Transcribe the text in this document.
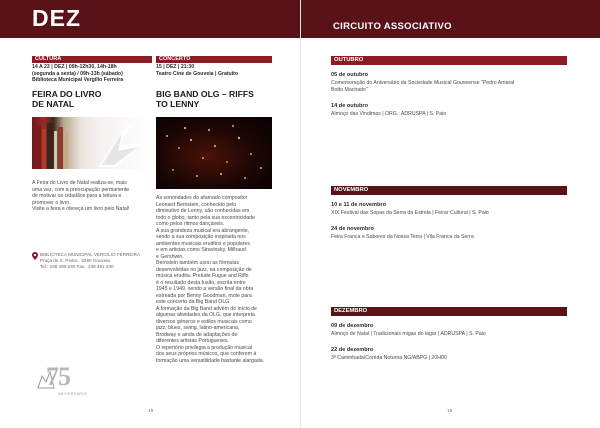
DEZ
CULTURA
14 A 23 | DEZ | 09h-12h30, 14h-18h
(segunda a sexta) / 09h-13h (sábado)
Biblioteca Municipal Vergílio Ferreira
FEIRA DO LIVRO
DE NATAL
A Feira do Livro de Natal realiza-se, mais
uma vez, com a preocupação permanente
de motivar os cidadãos para a leitura e
promover o livro.
Visite a feira e ofereça um livro pelo Natal!
BIBLIOTECA MUNICIPAL VERGÍLIO FERREIRA
Praça de S. Pedro . 6290 Gouveia
Tel.: 238 490 230 Fax.: 238 491 230
CONCERTO
15 | DEZ | 21:30
Teatro Cine de Gouveia | Gratuito
BIG BAND OLG – RIFFS
TO LENNY
As sonoridades do afamado compositor
Leonard Bernstein, conhecido pelo
diminutivo de Lenny, são conhecidas em
todo o globo, tanto pela sua excentricidade
como pelos ritmos dançáveis.
A sua grandeza musical era abrangente,
sendo a sua composição inspirada nos
ambientes musicais eruditos e populares
e em artistas como Stravinsky, Milhaud
e Gershwin.
Bernstein também usou as fórmulas
desenvolvidas no jazz, na composição de
música erudita. Prelude Fugue and Riffs
é o resultado desta fusão, escrita entre
1945 e 1949, sendo a versão final da obra
estreada por Benny Goodman, mote para
este concerto da Big Band OLG.
A formação da Big Band advém do início de
algumas atividades da OLG, que interpreta
diversos géneros e estilos musicais como
jazz, blues, swing, latino-americana,
Brodway e ainda de adaptações de
diferentes artistas Portugueses.
O repertório privilegia a produção musical
dos seus próprios músicos, que conferem à
formação uma versatilidade bastante alargada.
75
ANIVERSÁRIO
18
CIRCUITO ASSOCIATIVO
19
OUTUBRO
05 de outubro
Comemoração do Aniversário da Sociedade Musical Gouveense "Pedro Amaral
Botto Machado"
14 de outubro
Almoço das Vindimas | ORG.: ADRUSPA | S. Paio
NOVEMBRO
10 e 11 de novembro
XIX Festival das Sopas da Serra da Estrela | Feirar Cultural | S. Paio
24 de novembro
Feira Franca e Sabores da Nossa Terra | Vila Franca da Serra
DEZEMBRO
09 de dezembro
Almoço de Natal | Tradicionais migas do lagar | ADRUSPA | S. Paio
22 de dezembro
3ª Caminhada/Corrida Noturna NG/ABPG | 20H00
